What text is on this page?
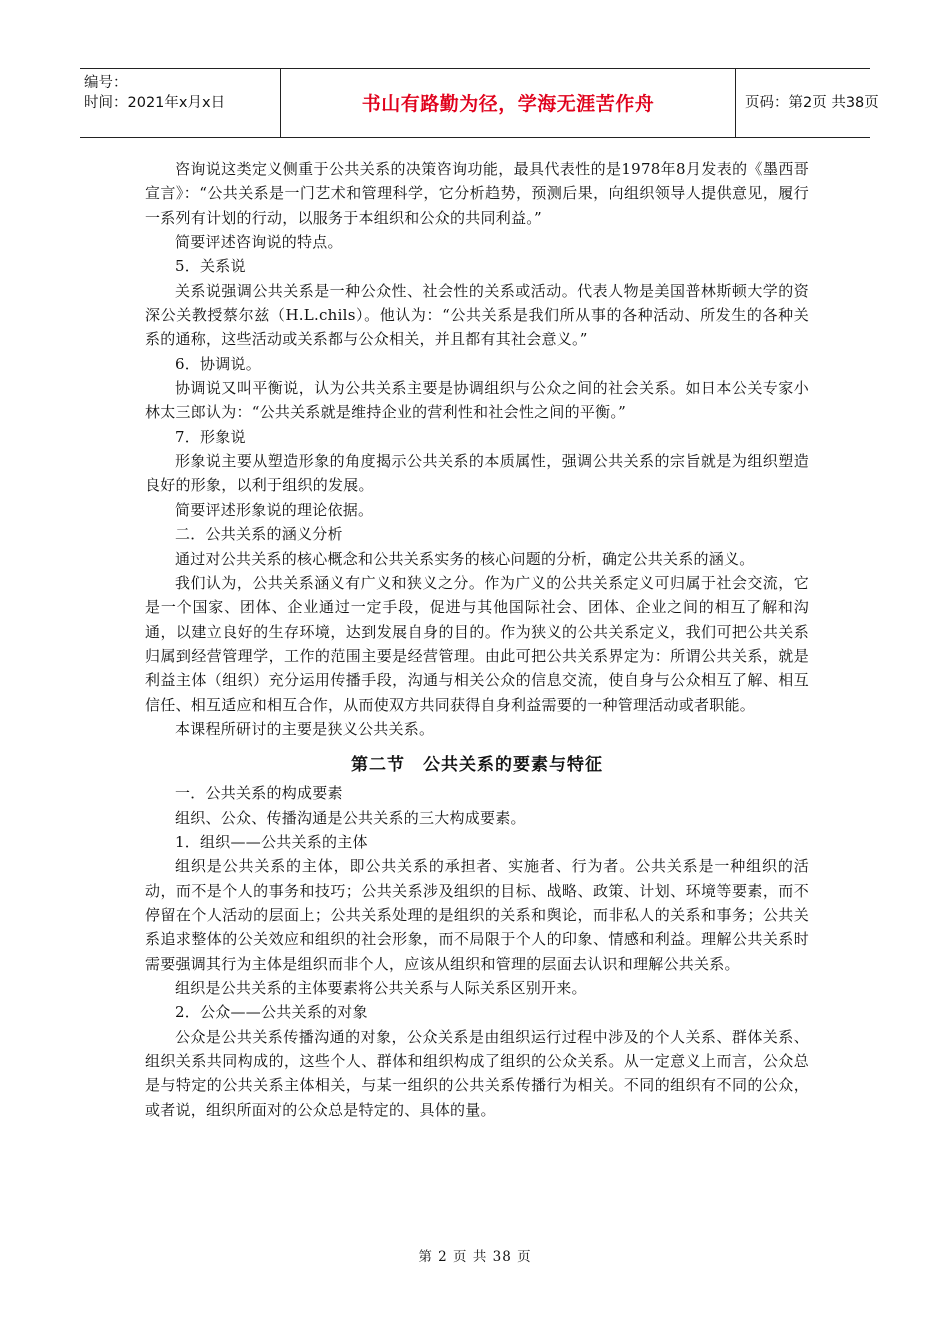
编号：
时间：2021年x月x日	书山有路勤为径，学海无涯苦作舟	页码：第2页 共38页

咨询说这类定义侧重于公共关系的决策咨询功能，最具代表性的是1978年8月发表的《墨西哥宣言》：“公共关系是一门艺术和管理科学，它分析趋势，预测后果，向组织领导人提供意见，履行一系列有计划的行动，以服务于本组织和公众的共同利益。”

简要评述咨询说的特点。

5．关系说

关系说强调公共关系是一种公众性、社会性的关系或活动。代表人物是美国普林斯顿大学的资深公关教授蔡尔兹（H.L.chils）。他认为：“公共关系是我们所从事的各种活动、所发生的各种关系的通称，这些活动或关系都与公众相关，并且都有其社会意义。”

6．协调说。

协调说又叫平衡说，认为公共关系主要是协调组织与公众之间的社会关系。如日本公关专家小林太三郎认为：“公共关系就是维持企业的营利性和社会性之间的平衡。”

7．形象说

形象说主要从塑造形象的角度揭示公共关系的本质属性，强调公共关系的宗旨就是为组织塑造良好的形象，以利于组织的发展。

简要评述形象说的理论依据。

二．公共关系的涵义分析

通过对公共关系的核心概念和公共关系实务的核心问题的分析，确定公共关系的涵义。

我们认为，公共关系涵义有广义和狭义之分。作为广义的公共关系定义可归属于社会交流，它是一个国家、团体、企业通过一定手段，促进与其他国际社会、团体、企业之间的相互了解和沟通，以建立良好的生存环境，达到发展自身的目的。作为狭义的公共关系定义，我们可把公共关系归属到经营管理学，工作的范围主要是经营管理。由此可把公共关系界定为：所谓公共关系，就是利益主体（组织）充分运用传播手段，沟通与相关公众的信息交流，使自身与公众相互了解、相互信任、相互适应和相互合作，从而使双方共同获得自身利益需要的一种管理活动或者职能。

本课程所研讨的主要是狭义公共关系。

第二节　公共关系的要素与特征

一．公共关系的构成要素

组织、公众、传播沟通是公共关系的三大构成要素。

1．组织——公共关系的主体

组织是公共关系的主体，即公共关系的承担者、实施者、行为者。公共关系是一种组织的活动，而不是个人的事务和技巧；公共关系涉及组织的目标、战略、政策、计划、环境等要素，而不停留在个人活动的层面上；公共关系处理的是组织的关系和舆论，而非私人的关系和事务；公共关系追求整体的公关效应和组织的社会形象，而不局限于个人的印象、情感和利益。理解公共关系时需要强调其行为主体是组织而非个人，应该从组织和管理的层面去认识和理解公共关系。

组织是公共关系的主体要素将公共关系与人际关系区别开来。

2．公众——公共关系的对象

公众是公共关系传播沟通的对象，公众关系是由组织运行过程中涉及的个人关系、群体关系、组织关系共同构成的，这些个人、群体和组织构成了组织的公众关系。从一定意义上而言，公众总是与特定的公共关系主体相关，与某一组织的公共关系传播行为相关。不同的组织有不同的公众，或者说，组织所面对的公众总是特定的、具体的量。

第 2 页 共 38 页
